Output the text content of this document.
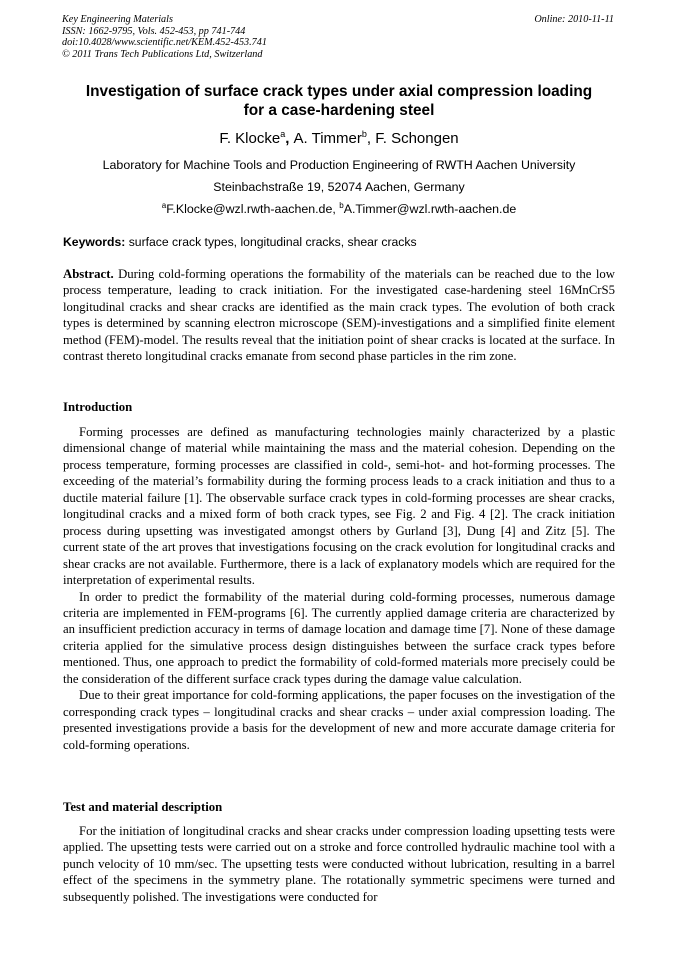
Key Engineering Materials
ISSN: 1662-9795, Vols. 452-453, pp 741-744
doi:10.4028/www.scientific.net/KEM.452-453.741
© 2011 Trans Tech Publications Ltd, Switzerland
Online: 2010-11-11
Investigation of surface crack types under axial compression loading
for a case-hardening steel
F. Klocke$^a$, A. Timmer$^b$, F. Schongen
Laboratory for Machine Tools and Production Engineering of RWTH Aachen University
Steinbachstraße 19, 52074 Aachen, Germany
$^a$F.Klocke@wzl.rwth-aachen.de, $^b$A.Timmer@wzl.rwth-aachen.de
Keywords: surface crack types, longitudinal cracks, shear cracks

Abstract. During cold-forming operations the formability of the materials can be reached due to the low process temperature, leading to crack initiation. For the investigated case-hardening steel 16MnCrS5 longitudinal cracks and shear cracks are identified as the main crack types. The evolution of both crack types is determined by scanning electron microscope (SEM)-investigations and a simplified finite element method (FEM)-model. The results reveal that the initiation point of shear cracks is located at the surface. In contrast thereto longitudinal cracks emanate from second phase particles in the rim zone.

Introduction

Forming processes are defined as manufacturing technologies mainly characterized by a plastic dimensional change of material while maintaining the mass and the material cohesion. Depending on the process temperature, forming processes are classified in cold-, semi-hot- and hot-forming processes. The exceeding of the material’s formability during the forming process leads to a crack initiation and thus to a ductile material failure [1]. The observable surface crack types in cold-forming processes are shear cracks, longitudinal cracks and a mixed form of both crack types, see Fig. 2 and Fig. 4 [2]. The crack initiation process during upsetting was investigated amongst others by Gurland [3], Dung [4] and Zitz [5]. The current state of the art proves that investigations focusing on the crack evolution for longitudinal cracks and shear cracks are not available. Furthermore, there is a lack of explanatory models which are required for the interpretation of experimental results.

In order to predict the formability of the material during cold-forming processes, numerous damage criteria are implemented in FEM-programs [6]. The currently applied damage criteria are characterized by an insufficient prediction accuracy in terms of damage location and damage time [7]. None of these damage criteria applied for the simulative process design distinguishes between the surface crack types before mentioned. Thus, one approach to predict the formability of cold-formed materials more precisely could be the consideration of the different surface crack types during the damage value calculation.

Due to their great importance for cold-forming applications, the paper focuses on the investigation of the corresponding crack types – longitudinal cracks and shear cracks – under axial compression loading. The presented investigations provide a basis for the development of new and more accurate damage criteria for cold-forming operations.

Test and material description

For the initiation of longitudinal cracks and shear cracks under compression loading upsetting tests were applied. The upsetting tests were carried out on a stroke and force controlled hydraulic machine tool with a punch velocity of 10 mm/sec. The upsetting tests were conducted without lubrication, resulting in a barrel effect of the specimens in the symmetry plane. The rotationally symmetric specimens were turned and subsequently polished. The investigations were conducted for
